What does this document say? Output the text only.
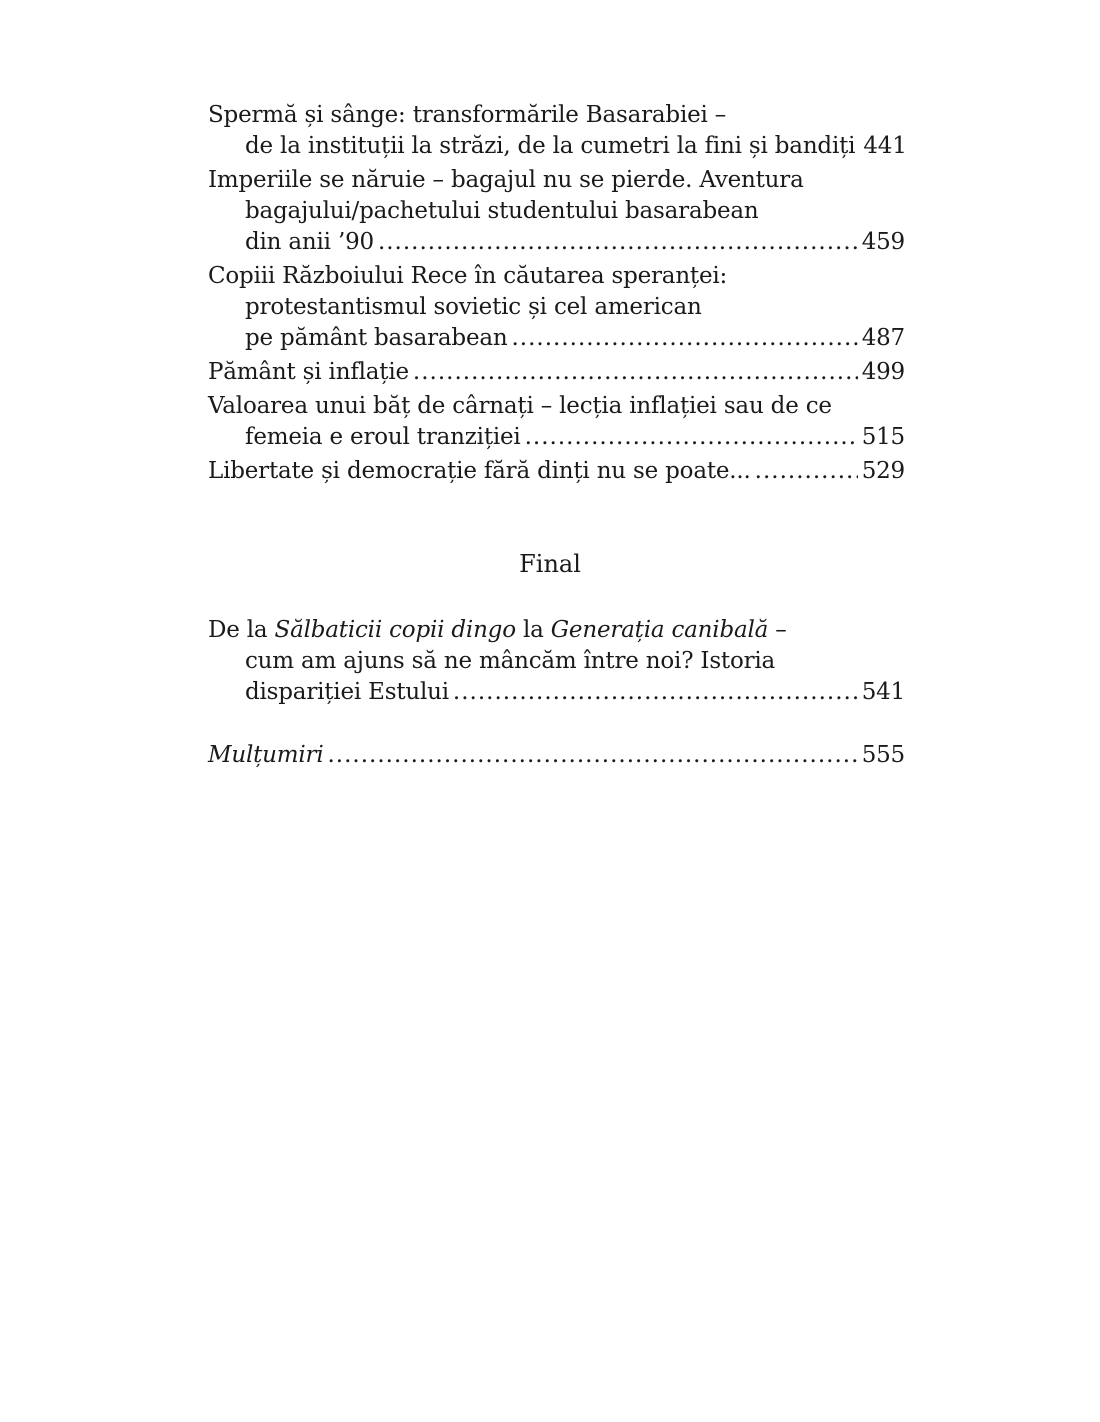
Spermă și sânge: transformările Basarabiei –
de la instituții la străzi, de la cumetri la fini și bandiți 441
Imperiile se năruie – bagajul nu se pierde. Aventura
bagajului/pachetului studentului basarabean
din anii ’90 .....	459
Copiii Războiului Rece în căutarea speranței:
protestantismul sovietic și cel american
pe pământ basarabean .....	487
Pământ și inflație .....	499
Valoarea unui băț de cârnați – lecția inflației sau de ce
femeia e eroul tranziției .....	515
Libertate și democrație fără dinți nu se poate... .....	529
Final
De la Sălbaticii copii dingo la Generația canibală –
cum am ajuns să ne mâncăm între noi? Istoria
dispariției Estului .....	541
Mulțumiri .....	555
